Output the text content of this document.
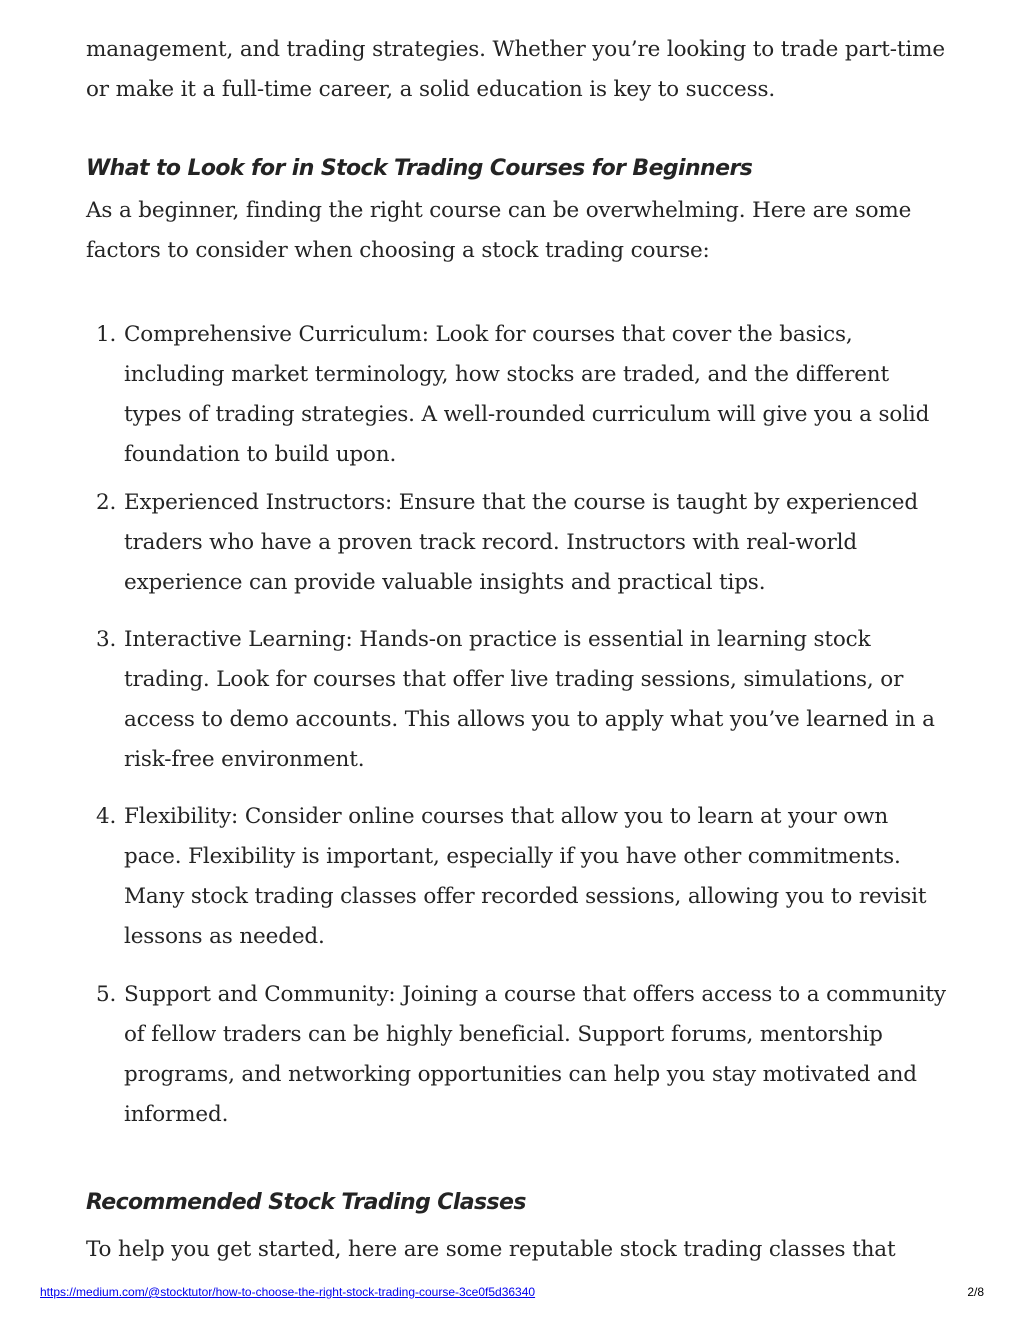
management, and trading strategies. Whether you’re looking to trade part-time or make it a full-time career, a solid education is key to success.

What to Look for in Stock Trading Courses for Beginners

As a beginner, finding the right course can be overwhelming. Here are some factors to consider when choosing a stock trading course:

1. Comprehensive Curriculum: Look for courses that cover the basics, including market terminology, how stocks are traded, and the different types of trading strategies. A well-rounded curriculum will give you a solid foundation to build upon.
2. Experienced Instructors: Ensure that the course is taught by experienced traders who have a proven track record. Instructors with real-world experience can provide valuable insights and practical tips.
3. Interactive Learning: Hands-on practice is essential in learning stock trading. Look for courses that offer live trading sessions, simulations, or access to demo accounts. This allows you to apply what you’ve learned in a risk-free environment.
4. Flexibility: Consider online courses that allow you to learn at your own pace. Flexibility is important, especially if you have other commitments. Many stock trading classes offer recorded sessions, allowing you to revisit lessons as needed.
5. Support and Community: Joining a course that offers access to a community of fellow traders can be highly beneficial. Support forums, mentorship programs, and networking opportunities can help you stay motivated and informed.
Recommended Stock Trading Classes

To help you get started, here are some reputable stock trading classes that

https://medium.com/@stocktutor/how-to-choose-the-right-stock-trading-course-3ce0f5d36340	2/8
